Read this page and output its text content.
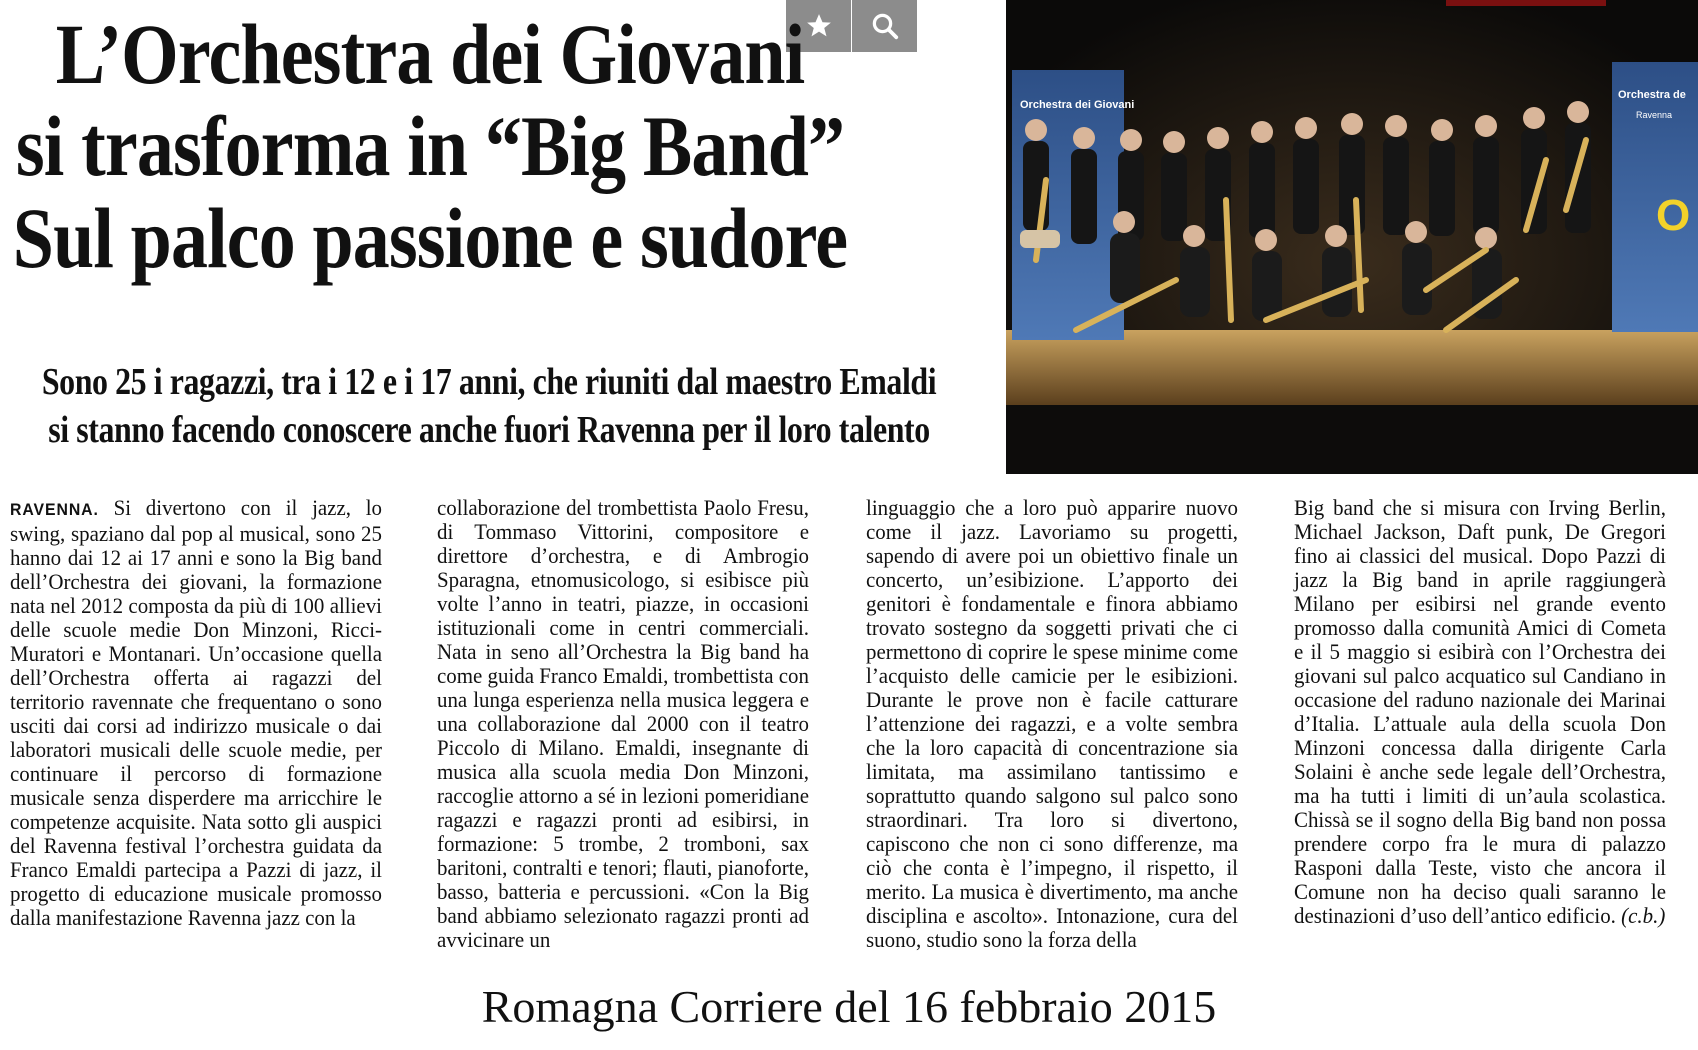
L’Orchestra dei Giovani
si trasforma in “Big Band”
Sul palco passione e sudore
Sono 25 i ragazzi, tra i 12 e i 17 anni, che riuniti dal maestro Emaldi
si stanno facendo conoscere anche fuori Ravenna per il loro talento
Orchestra dei Giovani
Orchestra de
Ravenna
O

RAVENNA. Si divertono con il jazz, lo swing, spaziano dal pop al musical, sono 25 hanno dai 12 ai 17 anni e sono la Big band dell’Orchestra dei giovani, la formazione nata nel 2012 composta da più di 100 allievi delle scuole medie Don Minzoni, Ricci-Muratori e Montanari. Un’occasione quella dell’Orchestra offerta ai ragazzi del territorio ravennate che frequentano o sono usciti dai corsi ad indirizzo musicale o dai laboratori musicali delle scuole medie, per continuare il percorso di formazione musicale senza disperdere ma arricchire le competenze acquisite. Nata sotto gli auspici del Ravenna festival l’orchestra guidata da Franco Emaldi partecipa a Pazzi di jazz, il progetto di educazione musicale promosso dalla manifestazione Ravenna jazz con la

collaborazione del trombettista Paolo Fresu, di Tommaso Vittorini, compositore e direttore d’orchestra, e di Ambrogio Sparagna, etnomusicologo, si esibisce più volte l’anno in teatri, piazze, in occasioni istituzionali come in centri commerciali. Nata in seno all’Orchestra la Big band ha come guida Franco Emaldi, trombettista con una lunga esperienza nella musica leggera e una collaborazione dal 2000 con il teatro Piccolo di Milano. Emaldi, insegnante di musica alla scuola media Don Minzoni, raccoglie attorno a sé in lezioni pomeridiane ragazzi e ragazzi pronti ad esibirsi, in formazione: 5 trombe, 2 tromboni, sax baritoni, contralti e tenori; flauti, pianoforte, basso, batteria e percussioni. «Con la Big band abbiamo selezionato ragazzi pronti ad avvicinare un

linguaggio che a loro può apparire nuovo come il jazz. Lavoriamo su progetti, sapendo di avere poi un obiettivo finale un concerto, un’esibizione. L’apporto dei genitori è fondamentale e finora abbiamo trovato sostegno da soggetti privati che ci permettono di coprire le spese minime come l’acquisto delle camicie per le esibizioni. Durante le prove non è facile catturare l’attenzione dei ragazzi, e a volte sembra che la loro capacità di concentrazione sia limitata, ma assimilano tantissimo e soprattutto quando salgono sul palco sono straordinari. Tra loro si divertono, capiscono che non ci sono differenze, ma ciò che conta è l’impegno, il rispetto, il merito. La musica è divertimento, ma anche disciplina e ascolto». Intonazione, cura del suono, studio sono la forza della

Big band che si misura con Irving Berlin, Michael Jackson, Daft punk, De Gregori fino ai classici del musical. Dopo Pazzi di jazz la Big band in aprile raggiungerà Milano per esibirsi nel grande evento promosso dalla comunità Amici di Cometa e il 5 maggio si esibirà con l’Orchestra dei giovani sul palco acquatico sul Candiano in occasione del raduno nazionale dei Marinai d’Italia. L’attuale aula della scuola Don Minzoni concessa dalla dirigente Carla Solaini è anche sede legale dell’Orchestra, ma ha tutti i limiti di un’aula scolastica. Chissà se il sogno della Big band non possa prendere corpo fra le mura di palazzo Rasponi dalla Teste, visto che ancora il Comune non ha deciso quali saranno le destinazioni d’uso dell’antico edificio. (c.b.)

Romagna Corriere del 16 febbraio 2015
